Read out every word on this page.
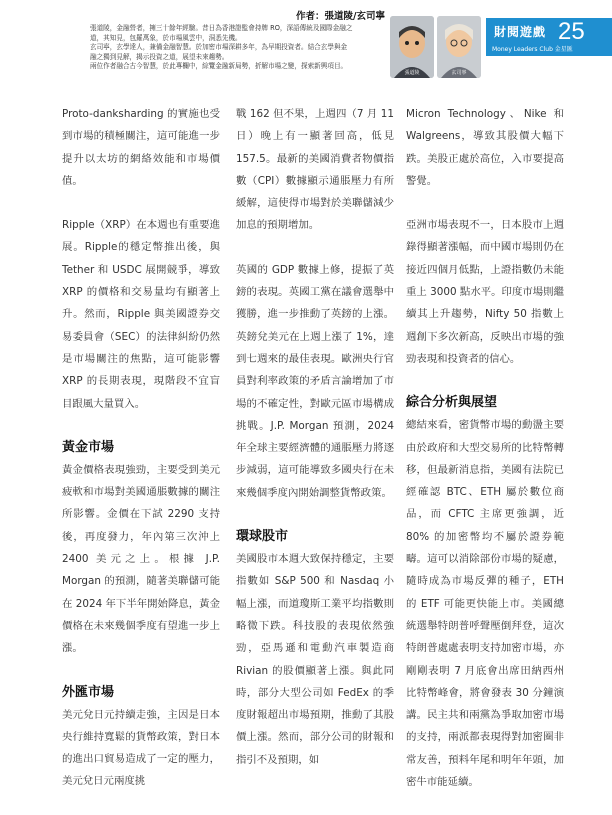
作者：張道陵/玄司寧
張道陵，金融營者，擁三十餘年經驗。昔日為香港證監會持牌 RO，深語傳統及國際金融之
道，其知見，包羅萬象，於市場風雲中，洞悉先機。
玄司寧，玄學達人，兼備金融智慧。於加密市場深耕多年，為早期投資者。結合玄學與金
融之獨到見解，揭示投資之道，展望未來趨勢。
兩位作者融合古今智慧，於此專欄中，綜覽金融新局勢，折解市場之變，探索新興項目。
張道陵	玄司寧
財閱遊戲 25
Money Leaders Club 金星匯

Proto-danksharding 的實施也受到市場的積極關注，這可能進一步提升以太坊的網絡效能和市場價值。

Ripple（XRP）在本週也有重要進展。Ripple的穩定幣推出後，與 Tether 和 USDC 展開競爭，導致 XRP 的價格和交易量均有顯著上升。然而，Ripple 與美國證券交易委員會（SEC）的法律糾紛仍然是市場關注的焦點，這可能影響 XRP 的長期表現，現階段不宜盲目跟風大量買入。

黃金市場

黃金價格表現強勁，主要受到美元疲軟和市場對美國通脹數據的關注所影響。金價在下試 2290 支持後，再度發力，年內第三次沖上 2400 美元之上。根據 J.P. Morgan 的預測，隨著美聯儲可能在 2024 年下半年開始降息，黃金價格在未來幾個季度有望進一步上漲。

外匯市場

美元兌日元持續走強，主因是日本央行維持寬鬆的貨幣政策，對日本的進出口貿易造成了一定的壓力，美元兌日元兩度挑

戰 162 但不果，上週四（7 月 11 日）晚上有一顯著回高，低見 157.5。最新的美國消費者物價指數（CPI）數據顯示通脹壓力有所緩解，這使得市場對於美聯儲減少加息的預期增加。

英國的 GDP 數據上修，提振了英鎊的表現。英國工黨在議會選舉中獲勝，進一步推動了英鎊的上漲。英鎊兌美元在上週上漲了 1%，達到七週來的最佳表現。歐洲央行官員對利率政策的矛盾言論增加了市場的不確定性，對歐元區市場構成挑戰。J.P. Morgan 預測，2024 年全球主要經濟體的通脹壓力將逐步減弱，這可能導致多國央行在未來幾個季度內開始調整貨幣政策。

環球股市

美國股市本週大致保持穩定，主要指數如 S&P 500 和 Nasdaq 小幅上漲，而道瓊斯工業平均指數則略微下跌。科技股的表現依然強勁，亞馬遜和電動汽車製造商 Rivian 的股價顯著上漲。與此同時，部分大型公司如 FedEx 的季度財報超出市場預期，推動了其股價上漲。然而，部分公司的財報和指引不及預期，如

Micron Technology、Nike 和 Walgreens，導致其股價大幅下跌。美股正處於高位，入市要提高警覺。

亞洲市場表現不一，日本股市上週錄得顯著漲幅，而中國市場則仍在接近四個月低點，上證指數仍未能重上 3000 點水平。印度市場則繼續其上升趨勢，Nifty 50 指數上週創下多次新高，反映出市場的強勁表現和投資者的信心。

綜合分析與展望

總結來看，密貨幣市場的動盪主要由於政府和大型交易所的比特幣轉移，但最新消息指，美國有法院已經確認 BTC、ETH 屬於數位商品，而 CFTC 主席更強調，近 80% 的加密幣均不屬於證券範疇。這可以消除部份市場的疑慮，隨時成為市場反彈的種子，ETH 的 ETF 可能更快能上市。美國總統選舉特朗普呼聲壓倒拜登，這次特朗普處處表明支持加密市場，亦剛剛表明 7 月底會出席田納西州比特幣峰會，將會發表 30 分鐘演講。民主共和兩黨為爭取加密市場的支持，兩派都表現得對加密圈非常友善，預料年尾和明年年頭，加密牛市能延續。
